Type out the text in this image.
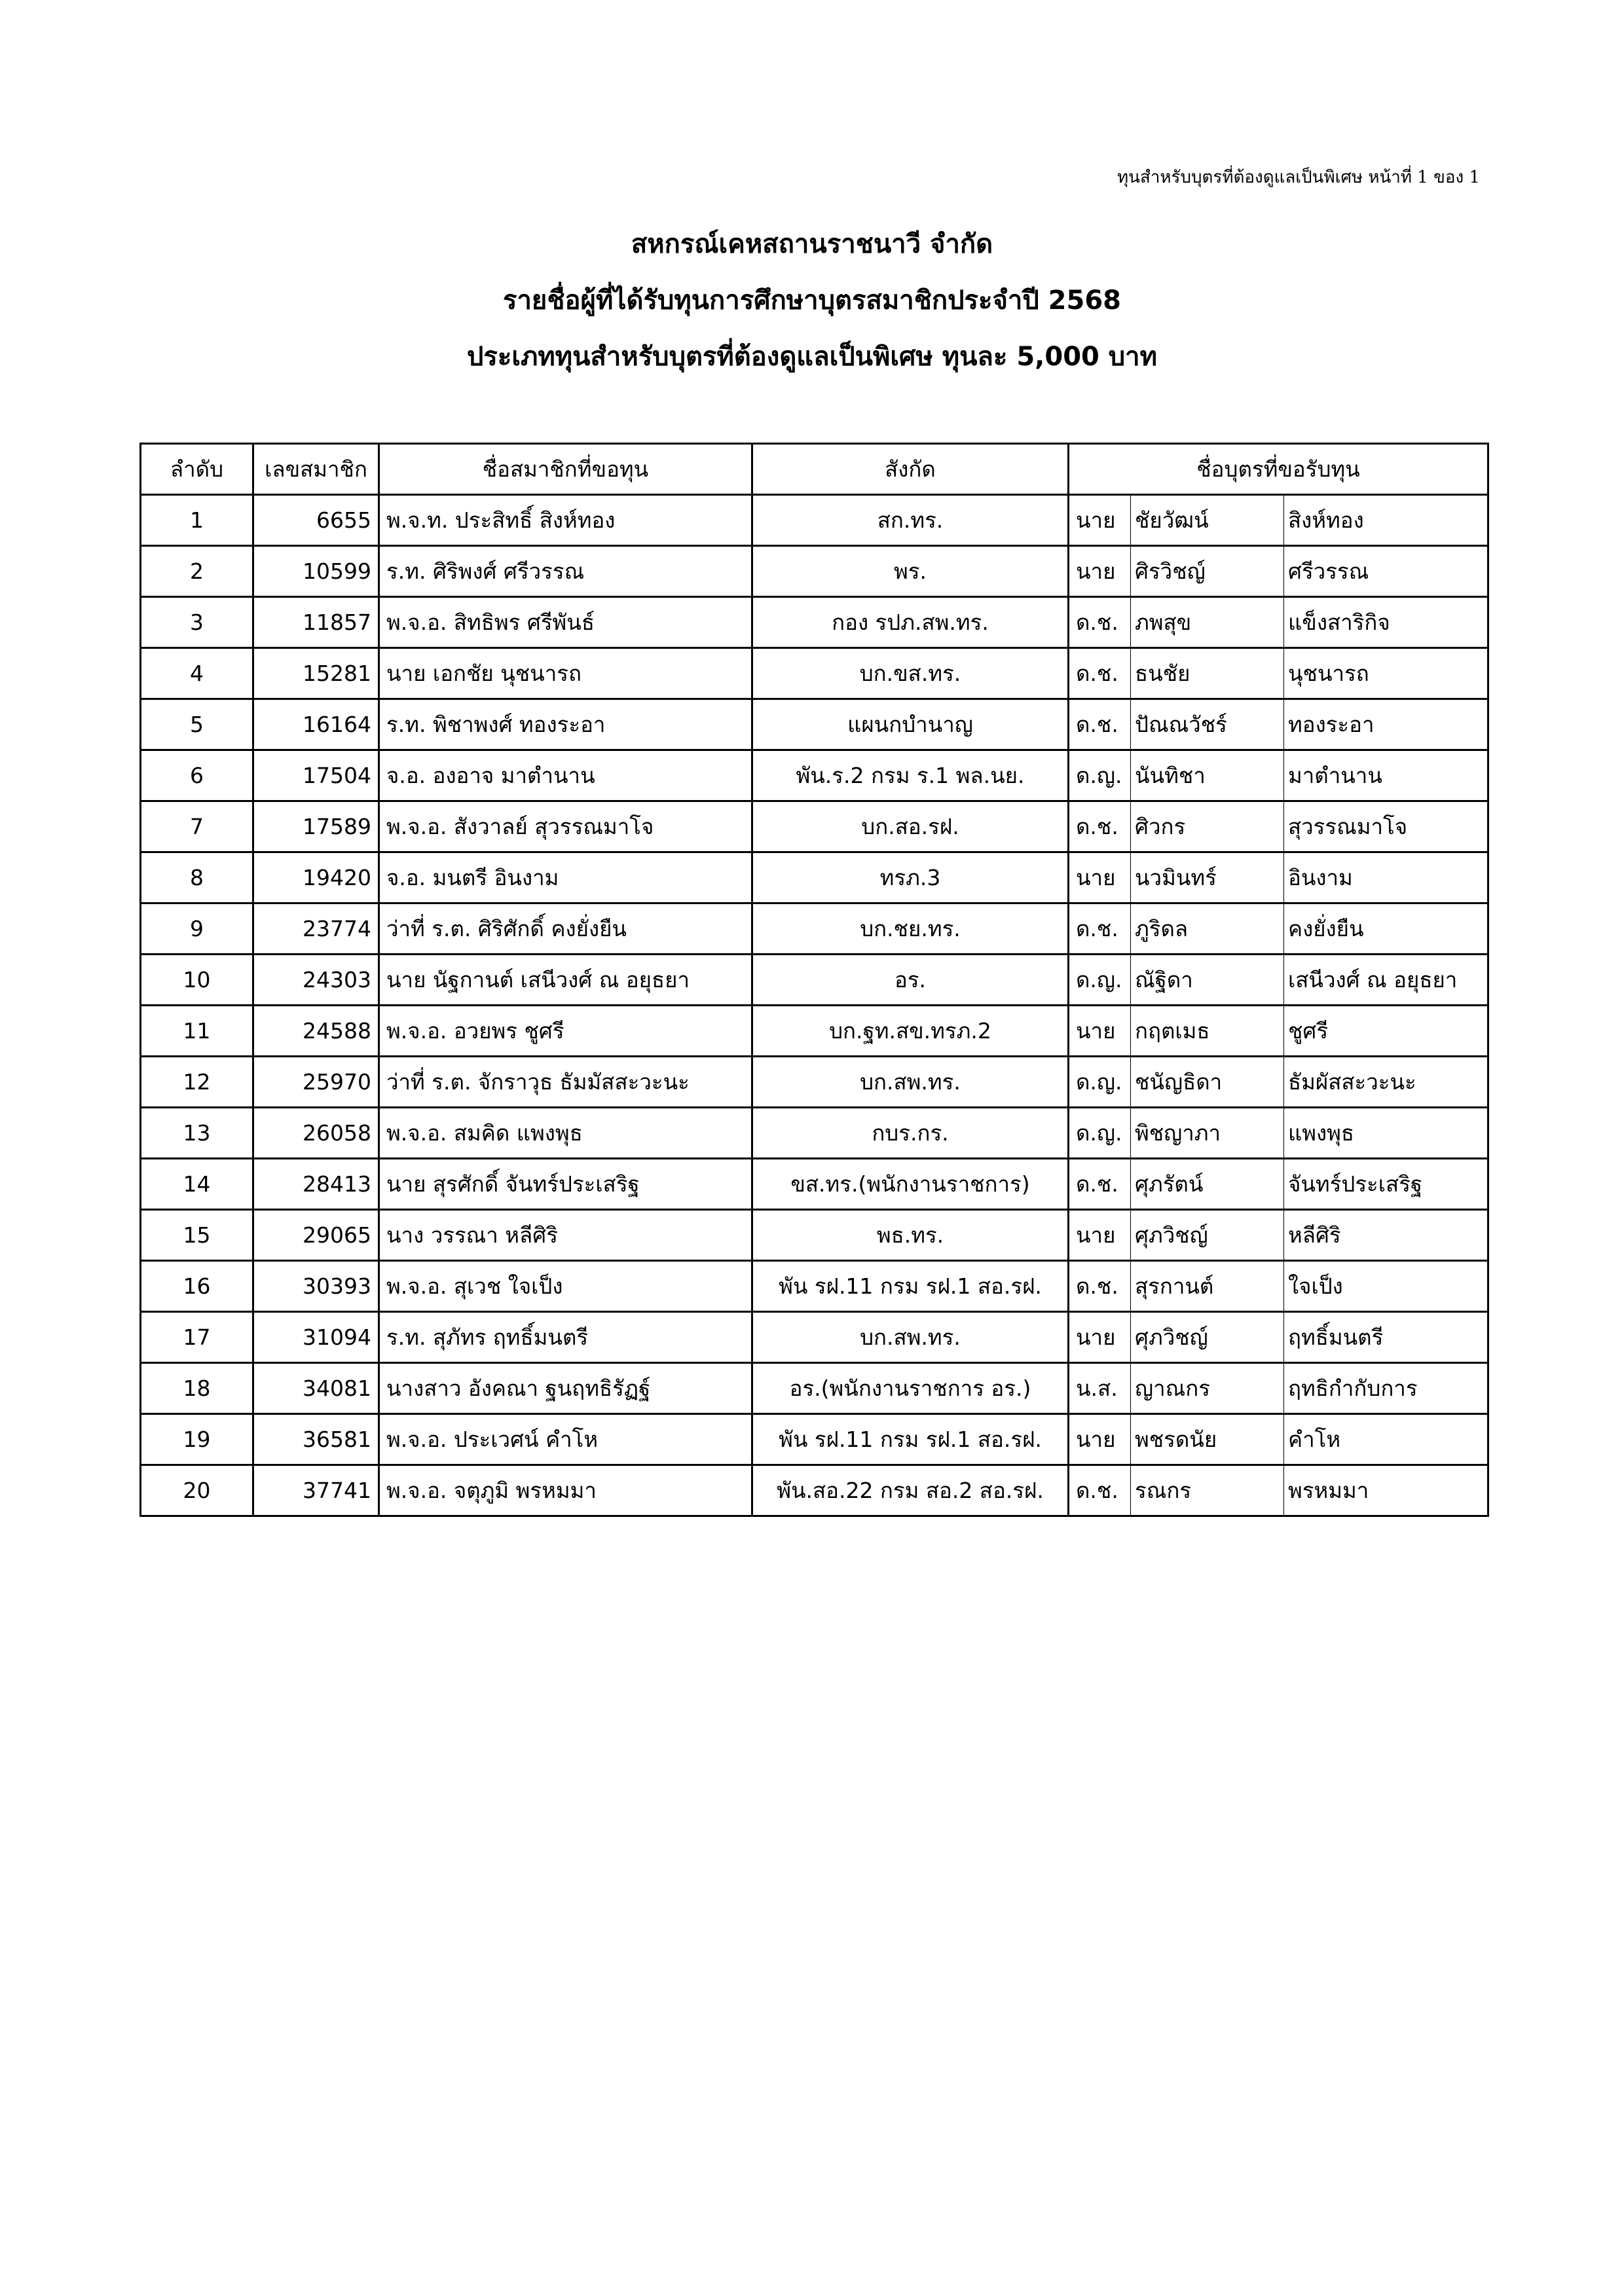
ทุนสำหรับบุตรที่ต้องดูแลเป็นพิเศษ หน้าที่ 1 ของ 1
สหกรณ์เคหสถานราชนาวี จำกัด
รายชื่อผู้ที่ได้รับทุนการศึกษาบุตรสมาชิกประจำปี 2568
ประเภททุนสำหรับบุตรที่ต้องดูแลเป็นพิเศษ ทุนละ 5,000 บาท
ลำดับ	เลขสมาชิก	ชื่อสมาชิกที่ขอทุน	สังกัด	ชื่อบุตรที่ขอรับทุน		
1	6655	พ.จ.ท. ประสิทธิ์ สิงห์ทอง	สก.ทร.	นาย	ชัยวัฒน์	สิงห์ทอง
2	10599	ร.ท. ศิริพงศ์ ศรีวรรณ	พร.	นาย	ศิรวิชญ์	ศรีวรรณ
3	11857	พ.จ.อ. สิทธิพร ศรีพันธ์	กอง รปภ.สพ.ทร.	ด.ช.	ภพสุข	แข็งสาริกิจ
4	15281	นาย เอกชัย นุชนารถ	บก.ขส.ทร.	ด.ช.	ธนชัย	นุชนารถ
5	16164	ร.ท. พิชาพงศ์ ทองระอา	แผนกบำนาญ	ด.ช.	ปัณณวัชร์	ทองระอา
6	17504	จ.อ. องอาจ มาตำนาน	พัน.ร.2 กรม ร.1 พล.นย.	ด.ญ.	นันทิชา	มาตำนาน
7	17589	พ.จ.อ. สังวาลย์ สุวรรณมาโจ	บก.สอ.รฝ.	ด.ช.	ศิวกร	สุวรรณมาโจ
8	19420	จ.อ. มนตรี อินงาม	ทรภ.3	นาย	นวมินทร์	อินงาม
9	23774	ว่าที่ ร.ต. ศิริศักดิ์ คงยั่งยืน	บก.ชย.ทร.	ด.ช.	ภูริดล	คงยั่งยืน
10	24303	นาย นัฐกานต์ เสนีวงศ์ ณ อยุธยา	อร.	ด.ญ.	ณัฐิดา	เสนีวงศ์ ณ อยุธยา
11	24588	พ.จ.อ. อวยพร ชูศรี	บก.ฐท.สข.ทรภ.2	นาย	กฤตเมธ	ชูศรี
12	25970	ว่าที่ ร.ต. จักราวุธ ธัมมัสสะวะนะ	บก.สพ.ทร.	ด.ญ.	ชนัญธิดา	ธัมผัสสะวะนะ
13	26058	พ.จ.อ. สมคิด แพงพุธ	กบร.กร.	ด.ญ.	พิชญาภา	แพงพุธ
14	28413	นาย สุรศักดิ์ จันทร์ประเสริฐ	ขส.ทร.(พนักงานราชการ)	ด.ช.	ศุภรัตน์	จันทร์ประเสริฐ
15	29065	นาง วรรณา หลีศิริ	พธ.ทร.	นาย	ศุภวิชญ์	หลีศิริ
16	30393	พ.จ.อ. สุเวช ใจเป็ง	พัน รฝ.11 กรม รฝ.1 สอ.รฝ.	ด.ช.	สุรกานต์	ใจเป็ง
17	31094	ร.ท. สุภัทร ฤทธิ์มนตรี	บก.สพ.ทร.	นาย	ศุภวิชญ์	ฤทธิ์มนตรี
18	34081	นางสาว อังคณา ฐนฤทธิรัฏฐ์	อร.(พนักงานราชการ อร.)	น.ส.	ญาณกร	ฤทธิกำกับการ
19	36581	พ.จ.อ. ประเวศน์ คำโห	พัน รฝ.11 กรม รฝ.1 สอ.รฝ.	นาย	พชรดนัย	คำโห
20	37741	พ.จ.อ. จตุภูมิ พรหมมา	พัน.สอ.22 กรม สอ.2 สอ.รฝ.	ด.ช.	รณกร	พรหมมา
